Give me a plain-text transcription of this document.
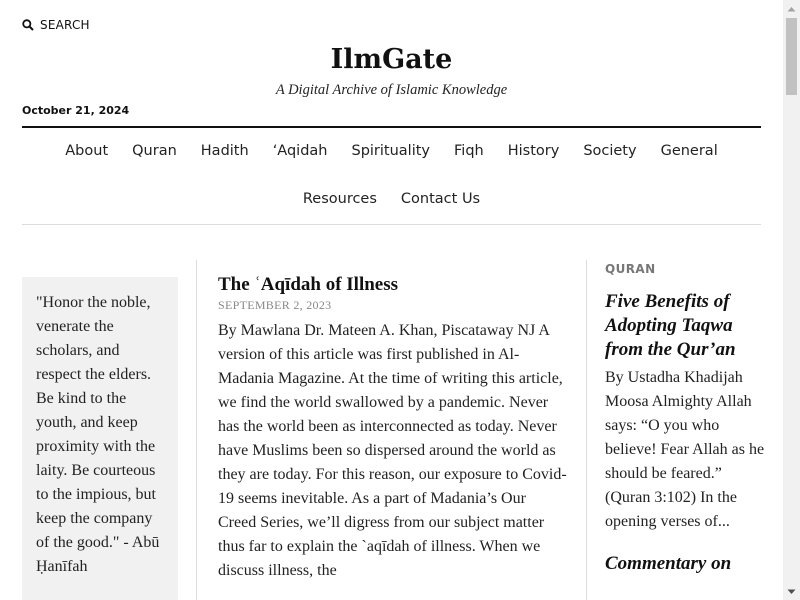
SEARCH
IlmGate
A Digital Archive of Islamic Knowledge
October 21, 2024
About Quran Hadith ‘Aqidah Spirituality Fiqh History Society General
Resources Contact Us

"Honor the noble, venerate the scholars, and respect the elders. Be kind to the youth, and keep proximity with the laity. Be courteous to the impious, but keep the company of the good." - Abū Ḥanīfah

The ʿAqīdah of Illness
SEPTEMBER 2, 2023

By Mawlana Dr. Mateen A. Khan, Piscataway NJ A version of this article was first published in Al-Madania Magazine. At the time of writing this article, we find the world swallowed by a pandemic. Never has the world been as interconnected as today. Never have Muslims been so dispersed around the world as they are today. For this reason, our exposure to Covid-19 seems inevitable. As a part of Madania’s Our Creed Series, we’ll digress from our subject matter thus far to explain the `aqīdah of illness. When we discuss illness, the

QURAN
Five Benefits of Adopting Taqwa from the Qur’an

By Ustadha Khadijah Moosa Almighty Allah says: “O you who believe! Fear Allah as he should be feared.” (Quran 3:102) In the opening verses of...

Commentary on
